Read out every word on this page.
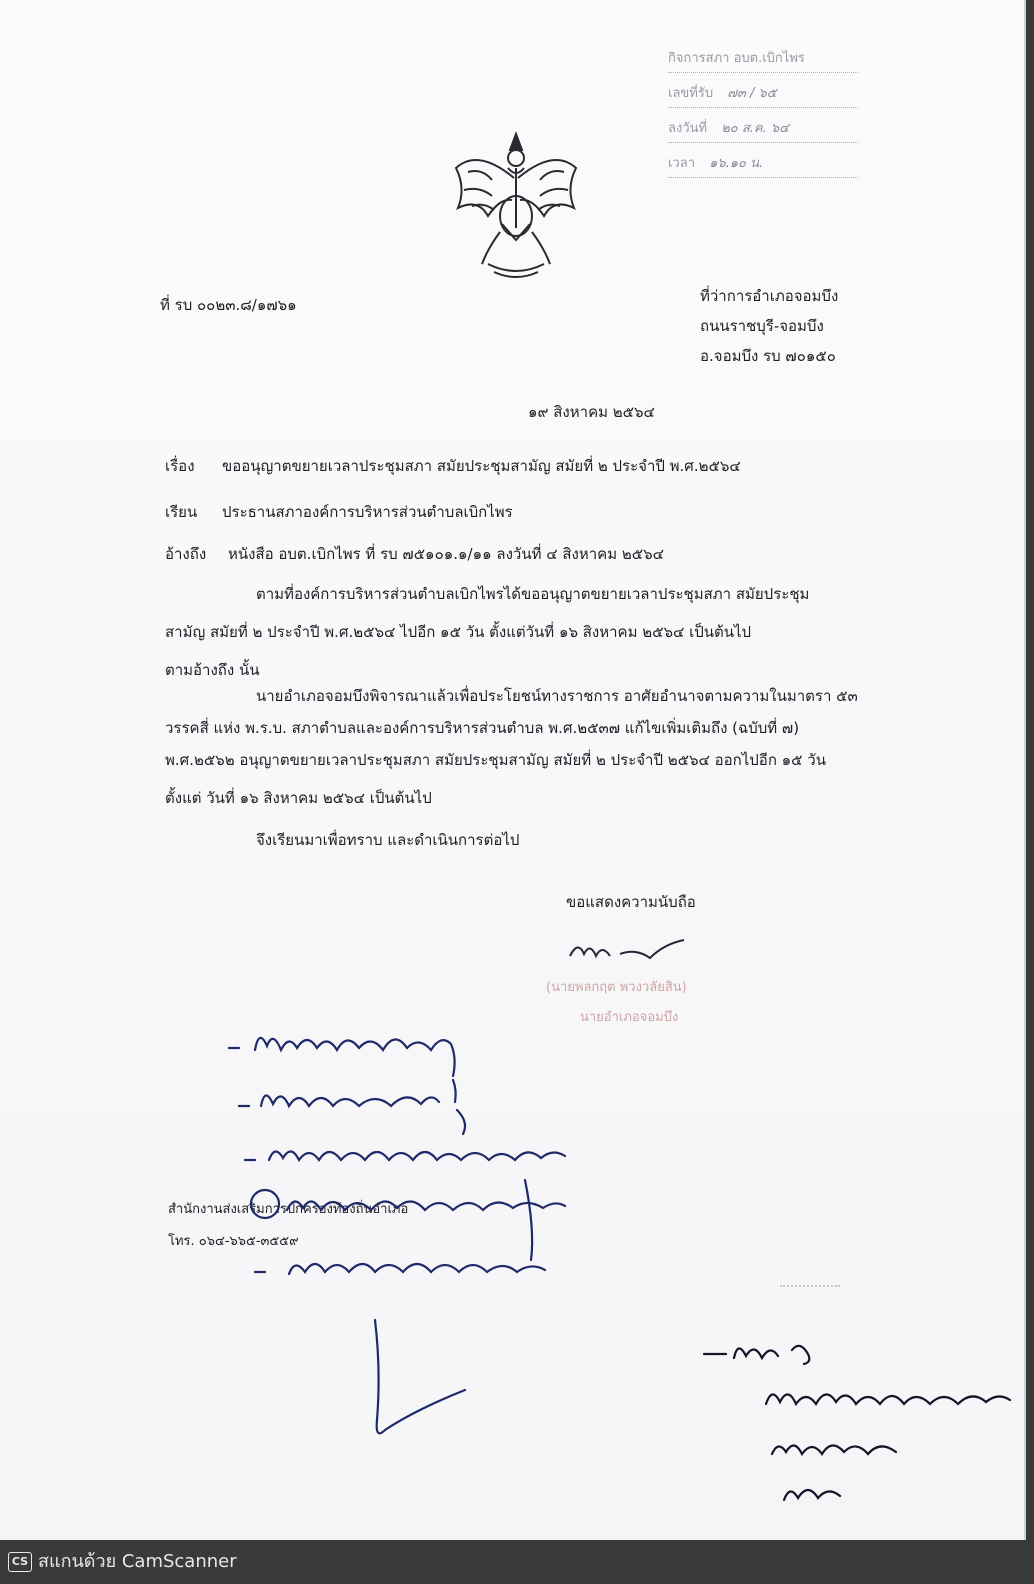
กิจการสภา อบต.เบิกไพร
เลขที่รับ ๗๓ / ๖๕
ลงวันที่ ๒๐ ส.ค. ๖๔
เวลา ๑๖.๑๐ น.
ที่ รบ ๐๐๒๓.๘/๑๗๖๑	ที่ว่าการอำเภอจอมบึง
ถนนราชบุรี-จอมบึง
อ.จอมบึง รบ ๗๐๑๕๐
๑๙ สิงหาคม ๒๕๖๔
เรื่อง ขออนุญาตขยายเวลาประชุมสภา สมัยประชุมสามัญ สมัยที่ ๒ ประจำปี พ.ศ.๒๕๖๔
เรียน ประธานสภาองค์การบริหารส่วนตำบลเบิกไพร
อ้างถึง หนังสือ อบต.เบิกไพร ที่ รบ ๗๕๑๐๑.๑/๑๑ ลงวันที่ ๔ สิงหาคม ๒๕๖๔
ตามที่องค์การบริหารส่วนตำบลเบิกไพรได้ขออนุญาตขยายเวลาประชุมสภา สมัยประชุม
สามัญ สมัยที่ ๒ ประจำปี พ.ศ.๒๕๖๔ ไปอีก ๑๕ วัน ตั้งแต่วันที่ ๑๖ สิงหาคม ๒๕๖๔ เป็นต้นไป
ตามอ้างถึง นั้น
นายอำเภอจอมบึงพิจารณาแล้วเพื่อประโยชน์ทางราชการ อาศัยอำนาจตามความในมาตรา ๕๓
วรรคสี่ แห่ง พ.ร.บ. สภาตำบลและองค์การบริหารส่วนตำบล พ.ศ.๒๕๓๗ แก้ไขเพิ่มเติมถึง (ฉบับที่ ๗)
พ.ศ.๒๕๖๒ อนุญาตขยายเวลาประชุมสภา สมัยประชุมสามัญ สมัยที่ ๒ ประจำปี ๒๕๖๔ ออกไปอีก ๑๕ วัน
ตั้งแต่ วันที่ ๑๖ สิงหาคม ๒๕๖๔ เป็นต้นไป
จึงเรียนมาเพื่อทราบ และดำเนินการต่อไป
ขอแสดงความนับถือ
(นายพลกฤต พวงวลัยสิน)
นายอำเภอจอมบึง
สำนักงานส่งเสริมการปกครองท้องถิ่นอำเภอ
โทร. ๐๖๔-๖๖๕-๓๕๕๙
CS สแกนด้วย CamScanner
